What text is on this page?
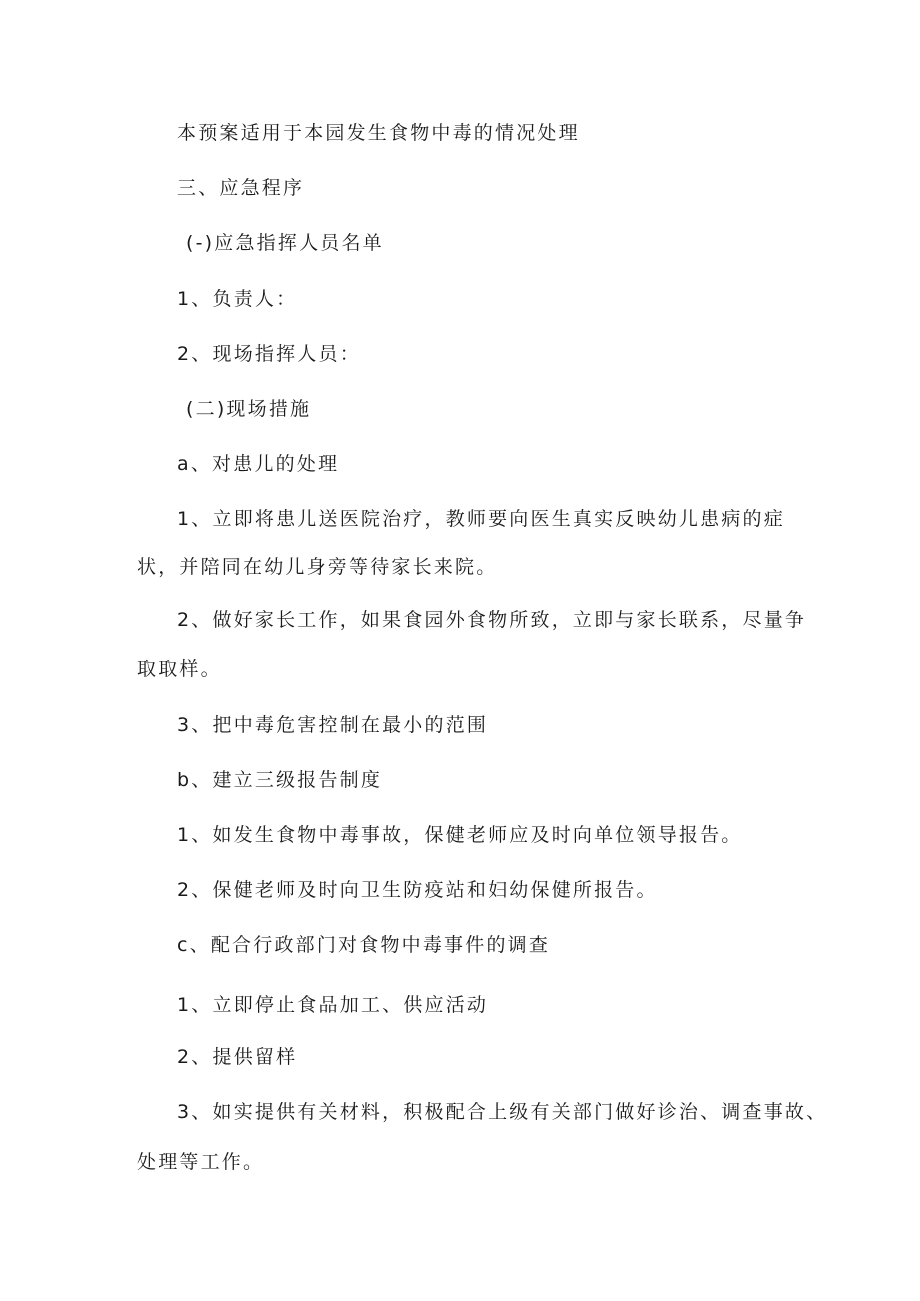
本预案适用于本园发生食物中毒的情况处理
三、应急程序
(-)应急指挥人员名单
1、负责人：
2、现场指挥人员：
(二)现场措施
a、对患儿的处理
1、立即将患儿送医院治疗，教师要向医生真实反映幼儿患病的症
状，并陪同在幼儿身旁等待家长来院。
2、做好家长工作，如果食园外食物所致，立即与家长联系，尽量争
取取样。
3、把中毒危害控制在最小的范围
b、建立三级报告制度
1、如发生食物中毒事故，保健老师应及时向单位领导报告。
2、保健老师及时向卫生防疫站和妇幼保健所报告。
c、配合行政部门对食物中毒事件的调查
1、立即停止食品加工、供应活动
2、提供留样
3、如实提供有关材料，积极配合上级有关部门做好诊治、调查事故、
处理等工作。
